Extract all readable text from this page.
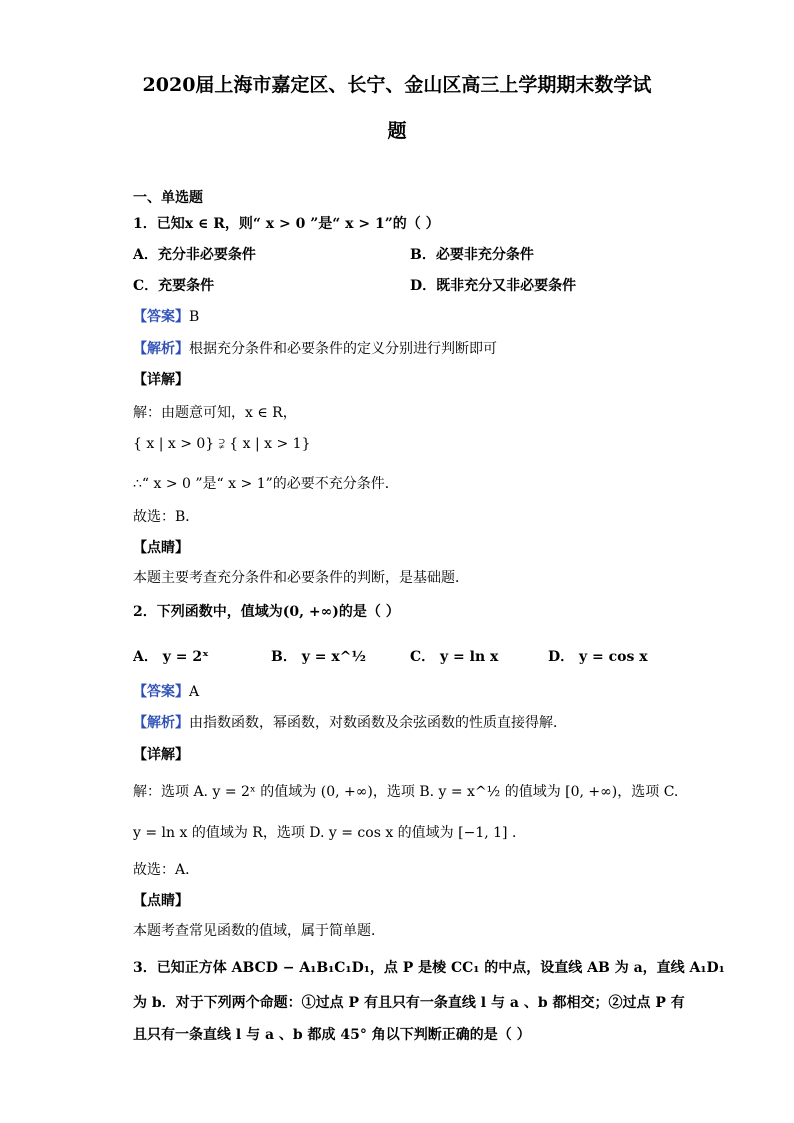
2020届上海市嘉定区、长宁、金山区高三上学期期末数学试
题
一、单选题
1．已知x ∈ R，则“ x > 0 ”是“ x > 1”的（ ）
A．充分非必要条件	B．必要非充分条件
C．充要条件	D．既非充分又非必要条件
【答案】B
【解析】根据充分条件和必要条件的定义分别进行判断即可
【详解】
解：由题意可知，x ∈ R，
{ x | x > 0} ⫌ { x | x > 1}
∴“ x > 0 ”是“ x > 1”的必要不充分条件．
故选：B．
【点睛】
本题主要考查充分条件和必要条件的判断，是基础题．
2．下列函数中，值域为(0, +∞)的是（ ）
A． y = 2ˣ	B． y = x^½	C． y = ln x	D． y = cos x
【答案】A
【解析】由指数函数，幂函数，对数函数及余弦函数的性质直接得解．
【详解】
解：选项 A. y = 2ˣ 的值域为 (0, +∞)，选项 B. y = x^½ 的值域为 [0, +∞)，选项 C.
y = ln x 的值域为 R，选项 D. y = cos x 的值域为 [−1, 1] ．
故选：A．
【点睛】
本题考查常见函数的值域，属于简单题．
3．已知正方体 ABCD − A₁B₁C₁D₁，点 P 是棱 CC₁ 的中点，设直线 AB 为 a，直线 A₁D₁
为 b．对于下列两个命题：①过点 P 有且只有一条直线 l 与 a 、b 都相交；②过点 P 有
且只有一条直线 l 与 a 、b 都成 45° 角以下判断正确的是（ ）
